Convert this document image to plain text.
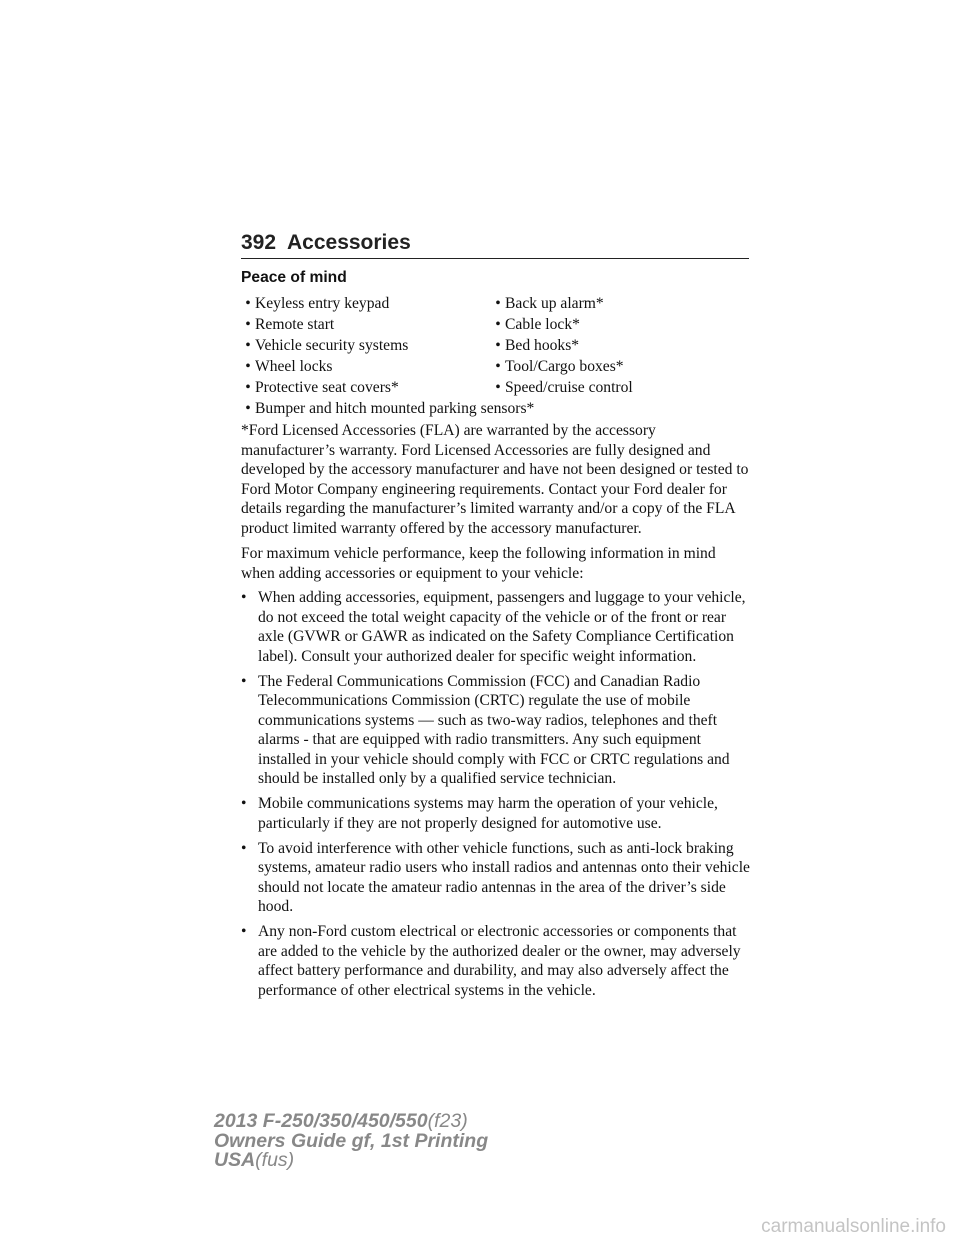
392 Accessories
Peace of mind
• Keyless entry keypad	• Back up alarm*
• Remote start	• Cable lock*
• Vehicle security systems	• Bed hooks*
• Wheel locks	• Tool/Cargo boxes*
• Protective seat covers*	• Speed/cruise control
• Bumper and hitch mounted parking sensors*

*Ford Licensed Accessories (FLA) are warranted by the accessory manufacturer’s warranty. Ford Licensed Accessories are fully designed and developed by the accessory manufacturer and have not been designed or tested to Ford Motor Company engineering requirements. Contact your Ford dealer for details regarding the manufacturer’s limited warranty and/or a copy of the FLA product limited warranty offered by the accessory manufacturer.

For maximum vehicle performance, keep the following information in mind when adding accessories or equipment to your vehicle:

• When adding accessories, equipment, passengers and luggage to your vehicle, do not exceed the total weight capacity of the vehicle or of the front or rear axle (GVWR or GAWR as indicated on the Safety Compliance Certification label). Consult your authorized dealer for specific weight information.
• The Federal Communications Commission (FCC) and Canadian Radio Telecommunications Commission (CRTC) regulate the use of mobile communications systems — such as two-way radios, telephones and theft alarms - that are equipped with radio transmitters. Any such equipment installed in your vehicle should comply with FCC or CRTC regulations and should be installed only by a qualified service technician.
• Mobile communications systems may harm the operation of your vehicle, particularly if they are not properly designed for automotive use.
• To avoid interference with other vehicle functions, such as anti-lock braking systems, amateur radio users who install radios and antennas onto their vehicle should not locate the amateur radio antennas in the area of the driver’s side hood.
• Any non-Ford custom electrical or electronic accessories or components that are added to the vehicle by the authorized dealer or the owner, may adversely affect battery performance and durability, and may also adversely affect the performance of other electrical systems in the vehicle.
2013 F-250/350/450/550(f23)
Owners Guide gf, 1st Printing
USA(fus)
carmanualsonline.info
